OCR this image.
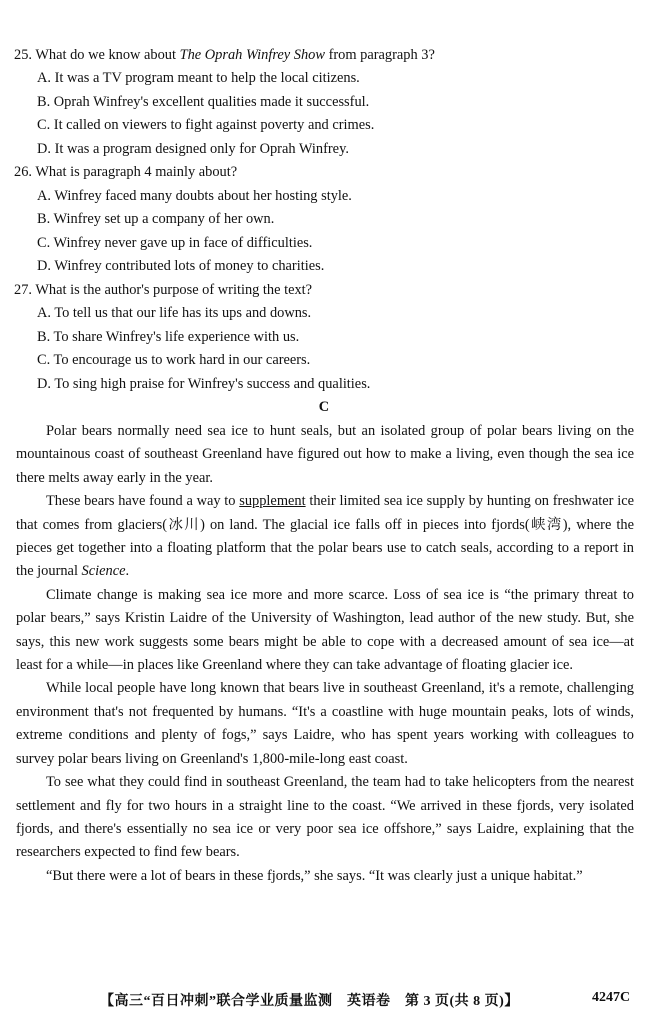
25. What do we know about The Oprah Winfrey Show from paragraph 3?
A. It was a TV program meant to help the local citizens.
B. Oprah Winfrey's excellent qualities made it successful.
C. It called on viewers to fight against poverty and crimes.
D. It was a program designed only for Oprah Winfrey.
26. What is paragraph 4 mainly about?
A. Winfrey faced many doubts about her hosting style.
B. Winfrey set up a company of her own.
C. Winfrey never gave up in face of difficulties.
D. Winfrey contributed lots of money to charities.
27. What is the author's purpose of writing the text?
A. To tell us that our life has its ups and downs.
B. To share Winfrey's life experience with us.
C. To encourage us to work hard in our careers.
D. To sing high praise for Winfrey's success and qualities.
C

Polar bears normally need sea ice to hunt seals, but an isolated group of polar bears living on the mountainous coast of southeast Greenland have figured out how to make a living, even though the sea ice there melts away early in the year.

These bears have found a way to supplement their limited sea ice supply by hunting on freshwater ice that comes from glaciers(冰川) on land. The glacial ice falls off in pieces into fjords(峡湾), where the pieces get together into a floating platform that the polar bears use to catch seals, according to a report in the journal Science.

Climate change is making sea ice more and more scarce. Loss of sea ice is “the primary threat to polar bears,” says Kristin Laidre of the University of Washington, lead author of the new study. But, she says, this new work suggests some bears might be able to cope with a decreased amount of sea ice—at least for a while—in places like Greenland where they can take advantage of floating glacier ice.

While local people have long known that bears live in southeast Greenland, it's a remote, challenging environment that's not frequented by humans. “It's a coastline with huge mountain peaks, lots of winds, extreme conditions and plenty of fogs,” says Laidre, who has spent years working with colleagues to survey polar bears living on Greenland's 1,800-mile-long east coast.

To see what they could find in southeast Greenland, the team had to take helicopters from the nearest settlement and fly for two hours in a straight line to the coast. “We arrived in these fjords, very isolated fjords, and there's essentially no sea ice or very poor sea ice offshore,” says Laidre, explaining that the researchers expected to find few bears.

“But there were a lot of bears in these fjords,” she says. “It was clearly just a unique habitat.”

【高三“百日冲刺”联合学业质量监测　英语卷　第 3 页(共 8 页)】	4247C
